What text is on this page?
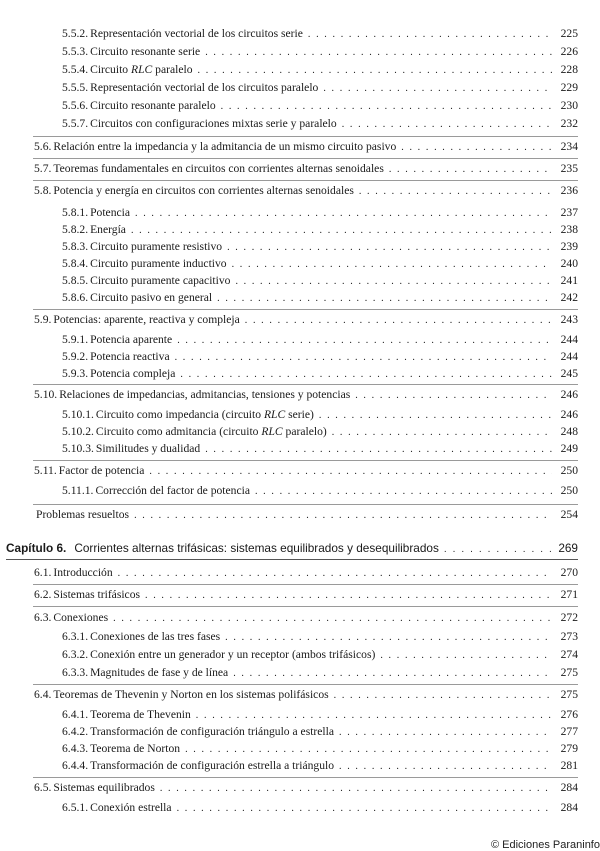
5.5.2. Representación vectorial de los circuitos serie . . .	225
5.5.3. Circuito resonante serie . . .	226
5.5.4. Circuito RLC paralelo . . .	228
5.5.5. Representación vectorial de los circuitos paralelo . . .	229
5.5.6. Circuito resonante paralelo . . .	230
5.5.7. Circuitos con configuraciones mixtas serie y paralelo . . .	232
5.6. Relación entre la impedancia y la admitancia de un mismo circuito pasivo . . .	234
5.7. Teoremas fundamentales en circuitos con corrientes alternas senoidales . . .	235
5.8. Potencia y energía en circuitos con corrientes alternas senoidales . . .	236
5.8.1. Potencia . . .	237
5.8.2. Energía . . .	238
5.8.3. Circuito puramente resistivo . . .	239
5.8.4. Circuito puramente inductivo . . .	240
5.8.5. Circuito puramente capacitivo . . .	241
5.8.6. Circuito pasivo en general . . .	242
5.9. Potencias: aparente, reactiva y compleja . . .	243
5.9.1. Potencia aparente . . .	244
5.9.2. Potencia reactiva . . .	244
5.9.3. Potencia compleja . . .	245
5.10. Relaciones de impedancias, admitancias, tensiones y potencias . . .	246
5.10.1. Circuito como impedancia (circuito RLC serie) . . .	246
5.10.2. Circuito como admitancia (circuito RLC paralelo) . . .	248
5.10.3. Similitudes y dualidad . . .	249
5.11. Factor de potencia . . .	250
5.11.1. Corrección del factor de potencia . . .	250
Problemas resueltos . . .	254
Capítulo 6. Corrientes alternas trifásicas: sistemas equilibrados y desequilibrados . . .	269
6.1. Introducción . . .	270
6.2. Sistemas trifásicos . . .	271
6.3. Conexiones . . .	272
6.3.1. Conexiones de las tres fases . . .	273
6.3.2. Conexión entre un generador y un receptor (ambos trifásicos) . . .	274
6.3.3. Magnitudes de fase y de línea . . .	275
6.4. Teoremas de Thevenin y Norton en los sistemas polifásicos . . .	275
6.4.1. Teorema de Thevenin . . .	276
6.4.2. Transformación de configuración triángulo a estrella . . .	277
6.4.3. Teorema de Norton . . .	279
6.4.4. Transformación de configuración estrella a triángulo . . .	281
6.5. Sistemas equilibrados . . .	284
6.5.1. Conexión estrella . . .	284
© Ediciones Paraninfo
